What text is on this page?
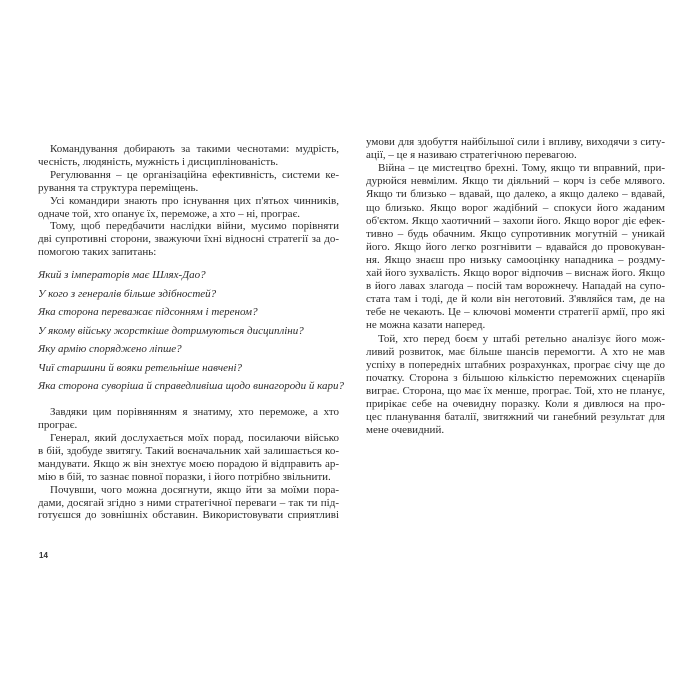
Командування добирають за такими чеснотами: мудрість,
чесність, людяність, мужність і дисциплінованість.
Регулювання – це організаційна ефективність, системи ке-
рування та структура переміщень.
Усі командири знають про існування цих п'ятьох чинників,
одначе той, хто опанує їх, переможе, а хто – ні, програє.
Тому, щоб передбачити наслідки війни, мусимо порівняти
дві супротивні сторони, зважуючи їхні відносні стратегії за до-
помогою таких запитань:
Який з імператорів має Шлях-Дао?
У кого з генералів більше здібностей?
Яка сторона переважає підсонням і тереном?
У якому війську жорсткіше дотримуються дисципліни?
Яку армію споряджено ліпше?
Чиї старшини й вояки ретельніше навчені?
Яка сторона суворіша й справедливіша щодо винагороди й кари?
Завдяки цим порівнянням я знатиму, хто переможе, а хто
програє.
Генерал, який дослухається моїх порад, посилаючи військо
в бій, здобуде звитягу. Такий воєначальник хай залишається ко-
мандувати. Якщо ж він знехтує моєю порадою й відправить ар-
мію в бій, то зазнає повної поразки, і його потрібно звільнити.
Почувши, чого можна досягнути, якщо йти за моїми пора-
дами, досягай згідно з ними стратегічної переваги – так ти під-
готуєшся до зовнішніх обставин. Використовувати сприятливі
умови для здобуття найбільшої сили і впливу, виходячи з ситу-
ації, – це я називаю стратегічною перевагою.
Війна – це мистецтво брехні. Тому, якщо ти вправний, при-
дурюйся невмілим. Якщо ти діяльний – корч із себе млявого.
Якщо ти близько – вдавай, що далеко, а якщо далеко – вдавай,
що близько. Якщо ворог жадібний – спокуси його жаданим
об'єктом. Якщо хаотичний – захопи його. Якщо ворог діє ефек-
тивно – будь обачним. Якщо супротивник могутній – уникай
його. Якщо його легко розгнівити – вдавайся до провокуван-
ня. Якщо знаєш про низьку самооцінку нападника – роздму-
хай його зухвалість. Якщо ворог відпочив – виснаж його. Якщо
в його лавах злагода – посій там ворожнечу. Нападай на супо-
стата там і тоді, де й коли він неготовий. З'являйся там, де на
тебе не чекають. Це – ключові моменти стратегії армії, про які
не можна казати наперед.
Той, хто перед боєм у штабі ретельно аналізує його мож-
ливий розвиток, має більше шансів перемогти. А хто не мав
успіху в попередніх штабних розрахунках, програє січу ще до
початку. Сторона з більшою кількістю переможних сценаріїв
виграє. Сторона, що має їх менше, програє. Той, хто не планує,
прирікає себе на очевидну поразку. Коли я дивлюся на про-
цес планування баталії, звитяжний чи ганебний результат для
мене очевидний.
14
